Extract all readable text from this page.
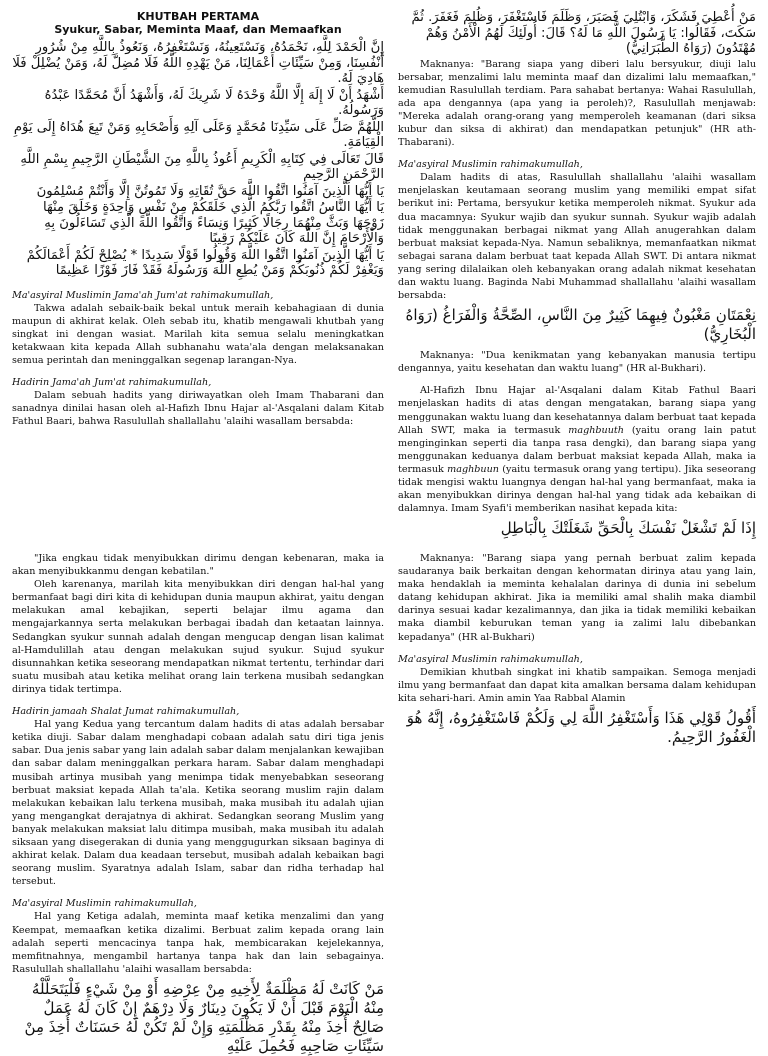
KHUTBAH PERTAMA

Syukur, Sabar, Meminta Maaf, dan Memaafkan

إِنَّ الْحَمْدَ لِلَّهِ، نَحْمَدُهُ، وَنَسْتَعِينُهُ، وَنَسْتَغْفِرُهُ، وَنَعُوذُ بِاللَّهِ مِنْ شُرُورِ أَنْفُسِنَا، وَمِنْ سَيِّئَاتِ أَعْمَالِنَا، مَنْ يَهْدِهِ اللَّهُ فَلَا مُضِلَّ لَهُ، وَمَنْ يُضْلِلْ فَلَا هَادِيَ لَهُ.

أَشْهَدُ أَنْ لَا إِلَهَ إِلَّا اللَّهُ وَحْدَهُ لَا شَرِيكَ لَهُ، وَأَشْهَدُ أَنَّ مُحَمَّدًا عَبْدُهُ وَرَسُولُهُ.

اللَّهُمَّ صَلِّ عَلَى سَيِّدِنَا مُحَمَّدٍ وَعَلَى آلِهِ وَأَصْحَابِهِ وَمَنْ تَبِعَ هُدَاهُ إِلَى يَوْمِ الْقِيَامَةِ.

قَالَ تَعَالَى فِي كِتَابِهِ الْكَرِيمِ أَعُوذُ بِاللَّهِ مِنَ الشَّيْطَانِ الرَّجِيمِ بِسْمِ اللَّهِ الرَّحْمَنِ الرَّحِيمِ

يَا أَيُّهَا الَّذِينَ آمَنُوا اتَّقُوا اللَّهَ حَقَّ تُقَاتِهِ وَلَا تَمُوتُنَّ إِلَّا وَأَنْتُمْ مُسْلِمُونَ

يَا أَيُّهَا النَّاسُ اتَّقُوا رَبَّكُمُ الَّذِي خَلَقَكُمْ مِنْ نَفْسٍ وَاحِدَةٍ وَخَلَقَ مِنْهَا زَوْجَهَا وَبَثَّ مِنْهُمَا رِجَالًا كَثِيرًا وَنِسَاءً وَاتَّقُوا اللَّهَ الَّذِي تَسَاءَلُونَ بِهِ وَالْأَرْحَامَ إِنَّ اللَّهَ كَانَ عَلَيْكُمْ رَقِيبًا

يَا أَيُّهَا الَّذِينَ آمَنُوا اتَّقُوا اللَّهَ وَقُولُوا قَوْلًا سَدِيدًا * يُصْلِحْ لَكُمْ أَعْمَالَكُمْ وَيَغْفِرْ لَكُمْ ذُنُوبَكُمْ وَمَنْ يُطِعِ اللَّهَ وَرَسُولَهُ فَقَدْ فَازَ فَوْزًا عَظِيمًا

Ma'asyiral Muslimin Jama'ah Jum'at rahimakumullah,

Takwa adalah sebaik-baik bekal untuk meraih kebahagiaan di dunia maupun di akhirat kelak. Oleh sebab itu, khatib mengawali khutbah yang singkat ini dengan wasiat. Marilah kita semua selalu meningkatkan ketakwaan kita kepada Allah subhanahu wata'ala dengan melaksanakan semua perintah dan meninggalkan segenap larangan-Nya.

Hadirin Jama'ah Jum'at rahimakumullah,

Dalam sebuah hadits yang diriwayatkan oleh Imam Thabarani dan sanadnya dinilai hasan oleh al-Hafizh Ibnu Hajar al-'Asqalani dalam Kitab Fathul Baari, bahwa Rasulullah shallallahu 'alaihi wasallam bersabda:

مَنْ أُعْطِيَ فَشَكَرَ، وَابْتُلِيَ فَصَبَرَ، وَظَلَمَ فَاسْتَغْفَرَ، وَظُلِمَ فَغَفَرَ. ثُمَّ سَكَتَ، فَقَالُوا: يَا رَسُولَ اللَّهِ مَا لَهُ؟ قَالَ: أُولَئِكَ لَهُمُ الْأَمْنُ وَهُمْ مُهْتَدُونَ (رَوَاهُ الطَّبَرَانِيُّ)

Maknanya: "Barang siapa yang diberi lalu bersyukur, diuji lalu bersabar, menzalimi lalu meminta maaf dan dizalimi lalu memaafkan," kemudian Rasulullah terdiam. Para sahabat bertanya: Wahai Rasulullah, ada apa dengannya (apa yang ia peroleh)?, Rasulullah menjawab: "Mereka adalah orang-orang yang memperoleh keamanan (dari siksa kubur dan siksa di akhirat) dan mendapatkan petunjuk" (HR ath-Thabarani).

Ma'asyiral Muslimin rahimakumullah,

Dalam hadits di atas, Rasulullah shallallahu 'alaihi wasallam menjelaskan keutamaan seorang muslim yang memiliki empat sifat berikut ini: Pertama, bersyukur ketika memperoleh nikmat. Syukur ada dua macamnya: Syukur wajib dan syukur sunnah. Syukur wajib adalah tidak menggunakan berbagai nikmat yang Allah anugerahkan dalam berbuat maksiat kepada-Nya. Namun sebaliknya, memanfaatkan nikmat sebagai sarana dalam berbuat taat kepada Allah SWT. Di antara nikmat yang sering dilalaikan oleh kebanyakan orang adalah nikmat kesehatan dan waktu luang. Baginda Nabi Muhammad shallallahu 'alaihi wasallam bersabda:

نِعْمَتَانِ مَغْبُونٌ فِيهِمَا كَثِيرٌ مِنَ النَّاسِ، الصِّحَّةُ وَالْفَرَاغُ (رَوَاهُ الْبُخَارِيُّ)

Maknanya: "Dua kenikmatan yang kebanyakan manusia tertipu dengannya, yaitu kesehatan dan waktu luang" (HR al-Bukhari).

Al-Hafizh Ibnu Hajar al-'Asqalani dalam Kitab Fathul Baari menjelaskan hadits di atas dengan mengatakan, barang siapa yang menggunakan waktu luang dan kesehatannya dalam berbuat taat kepada Allah SWT, maka ia termasuk maghbuuth (yaitu orang lain patut menginginkan seperti dia tanpa rasa dengki), dan barang siapa yang menggunakan keduanya dalam berbuat maksiat kepada Allah, maka ia termasuk maghbuun (yaitu termasuk orang yang tertipu). Jika seseorang tidak mengisi waktu luangnya dengan hal-hal yang bermanfaat, maka ia akan menyibukkan dirinya dengan hal-hal yang tidak ada kebaikan di dalamnya. Imam Syafi'i memberikan nasihat kepada kita:

إِذَا لَمْ تَشْغَلْ نَفْسَكَ بِالْحَقِّ شَغَلَتْكَ بِالْبَاطِلِ

"Jika engkau tidak menyibukkan dirimu dengan kebenaran, maka ia akan menyibukkanmu dengan kebatilan."

Oleh karenanya, marilah kita menyibukkan diri dengan hal-hal yang bermanfaat bagi diri kita di kehidupan dunia maupun akhirat, yaitu dengan melakukan amal kebajikan, seperti belajar ilmu agama dan mengajarkannya serta melakukan berbagai ibadah dan ketaatan lainnya. Sedangkan syukur sunnah adalah dengan mengucap dengan lisan kalimat al-Hamdulillah atau dengan melakukan sujud syukur. Sujud syukur disunnahkan ketika seseorang mendapatkan nikmat tertentu, terhindar dari suatu musibah atau ketika melihat orang lain terkena musibah sedangkan dirinya tidak tertimpa.

Hadirin jamaah Shalat Jumat rahimakumullah,

Hal yang Kedua yang tercantum dalam hadits di atas adalah bersabar ketika diuji. Sabar dalam menghadapi cobaan adalah satu diri tiga jenis sabar. Dua jenis sabar yang lain adalah sabar dalam menjalankan kewajiban dan sabar dalam meninggalkan perkara haram. Sabar dalam menghadapi musibah artinya musibah yang menimpa tidak menyebabkan seseorang berbuat maksiat kepada Allah ta'ala. Ketika seorang muslim rajin dalam melakukan kebaikan lalu terkena musibah, maka musibah itu adalah ujian yang mengangkat derajatnya di akhirat. Sedangkan seorang Muslim yang banyak melakukan maksiat lalu ditimpa musibah, maka musibah itu adalah siksaan yang disegerakan di dunia yang menggugurkan siksaan baginya di akhirat kelak. Dalam dua keadaan tersebut, musibah adalah kebaikan bagi seorang muslim. Syaratnya adalah Islam, sabar dan ridha terhadap hal tersebut.

Ma'asyiral Muslimin rahimakumullah,

Hal yang Ketiga adalah, meminta maaf ketika menzalimi dan yang Keempat, memaafkan ketika dizalimi. Berbuat zalim kepada orang lain adalah seperti mencacinya tanpa hak, membicarakan kejelekannya, memfitnahnya, mengambil hartanya tanpa hak dan lain sebagainya. Rasulullah shallallahu 'alaihi wasallam bersabda:

مَنْ كَانَتْ لَهُ مَظْلَمَةٌ لِأَخِيهِ مِنْ عِرْضِهِ أَوْ مِنْ شَيْءٍ فَلْيَتَحَلَّلْهُ مِنْهُ الْيَوْمَ قَبْلَ أَنْ لَا يَكُونَ دِينَارٌ وَلَا دِرْهَمٌ إِنْ كَانَ لَهُ عَمَلٌ صَالِحٌ أُخِذَ مِنْهُ بِقَدْرِ مَظْلَمَتِهِ وَإِنْ لَمْ تَكُنْ لَهُ حَسَنَاتٌ أُخِذَ مِنْ سَيِّئَاتِ صَاحِبِهِ فَحُمِلَ عَلَيْهِ

Maknanya: "Barang siapa yang pernah berbuat zalim kepada saudaranya baik berkaitan dengan kehormatan dirinya atau yang lain, maka hendaklah ia meminta kehalalan darinya di dunia ini sebelum datang kehidupan akhirat. Jika ia memiliki amal shalih maka diambil darinya sesuai kadar kezalimannya, dan jika ia tidak memiliki kebaikan maka diambil keburukan teman yang ia zalimi lalu dibebankan kepadanya" (HR al-Bukhari)

Ma'asyiral Muslimin rahimakumullah,

Demikian khutbah singkat ini khatib sampaikan. Semoga menjadi ilmu yang bermanfaat dan dapat kita amalkan bersama dalam kehidupan kita sehari-hari. Amin amin Yaa Rabbal Alamin

أَقُولُ قَوْلِي هَذَا وَأَسْتَغْفِرُ اللَّهَ لِي وَلَكُمْ فَاسْتَغْفِرُوهُ، إِنَّهُ هُوَ الْغَفُورُ الرَّحِيمُ.
